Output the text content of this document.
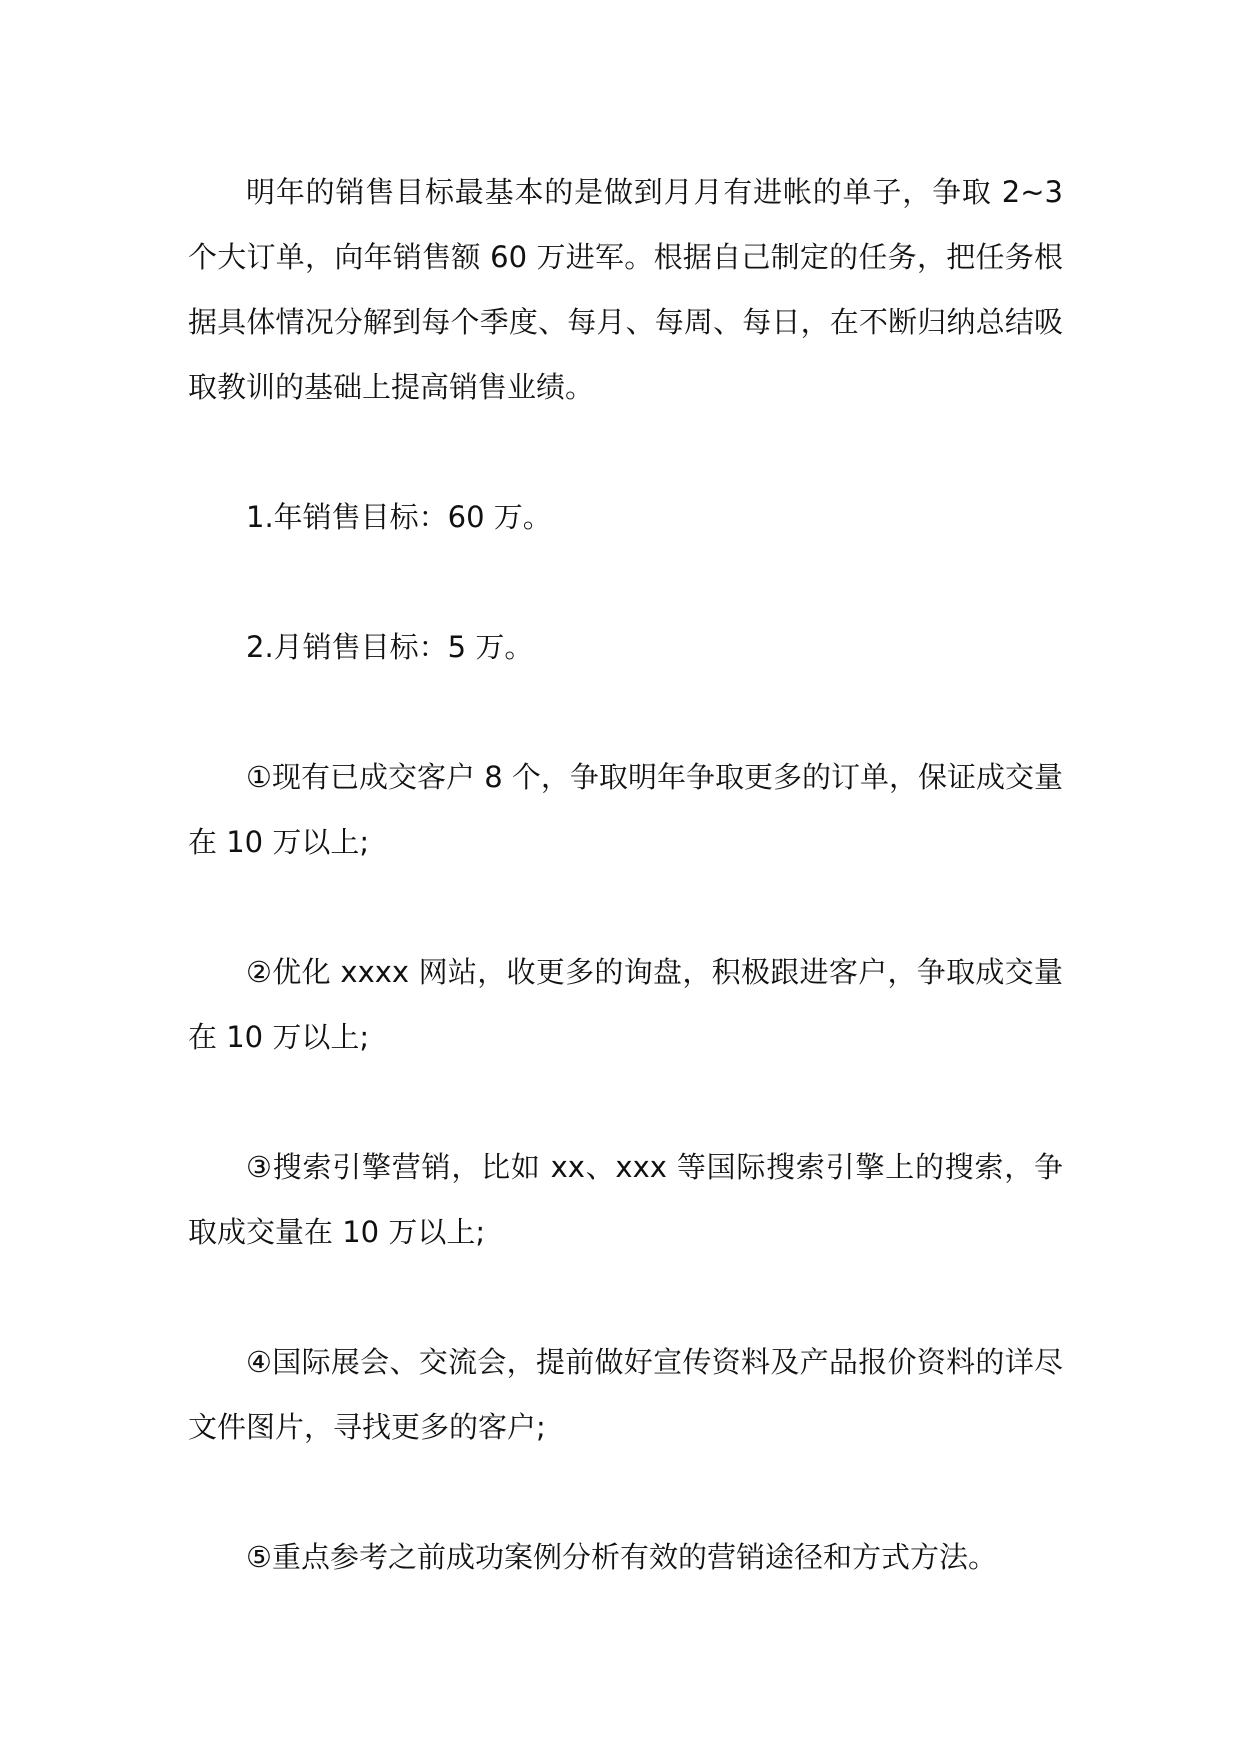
明年的销售目标最基本的是做到月月有进帐的单子，争取 2~3 个大订单，向年销售额 60 万进军。根据自己制定的任务，把任务根据具体情况分解到每个季度、每月、每周、每日，在不断归纳总结吸取教训的基础上提高销售业绩。

1.年销售目标：60 万。

2.月销售目标：5 万。

①现有已成交客户 8 个，争取明年争取更多的订单，保证成交量在 10 万以上;

②优化 xxxx 网站，收更多的询盘，积极跟进客户，争取成交量在 10 万以上;

③搜索引擎营销，比如 xx、xxx 等国际搜索引擎上的搜索，争取成交量在 10 万以上;

④国际展会、交流会，提前做好宣传资料及产品报价资料的详尽文件图片，寻找更多的客户;

⑤重点参考之前成功案例分析有效的营销途径和方式方法。
